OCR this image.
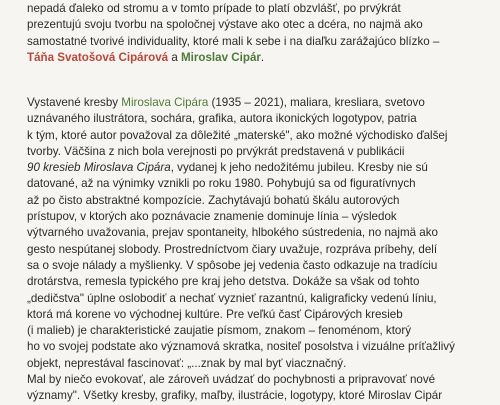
nepadá ďaleko od stromu a v tomto prípade to platí obzvlášť, po prvýkrát
prezentujú svoju tvorbu na spoločnej výstave ako otec a dcéra, no najmä ako
samostatné tvorivé individuality, ktoré mali k sebe i na diaľku zaráž​ajúco blízko –
Táňa Svatošová Cipárová a Miroslav Cipár.
Vystavené kresby Miroslava Cipára (1935 – 2021), maliara, kresliara, svetovo
uznávaného ilustrátora, sochára, grafika, autora ikonických logotypov, patria
k tým, ktoré autor považoval za dôležité „materské", ako možné východisko ďalšej
tvorby. Väčšina z nich bola verejnosti po prvýkrát predstavená v publikácii
90 kresieb Miroslava Cipára, vydanej k jeho nedožitému jubileu. Kresby nie sú
datované, až na výnimky vznikli po roku 1980. Pohybujú sa od figuratívnych
až po čisto abstraktné kompozície. Zachytávajú bohatú škálu autorových
prístupov, v ktorých ako poznávacie znamenie dominuje línia – výsledok
výtvarného uvažovania, prejav spontaneity, hlbokého sústredenia, no najmä ako
gesto nespútanej slobody. Prostredníctvom čiary uvažuje, rozpráva príbehy, delí
sa o svoje nálady a myšlienky. V spôsobe jej vedenia často odkazuje na tradíciu
drotárstva, remesla typického pre kraj jeho detstva. Dokáže sa však od tohto
„dedičstva" úplne oslobodiť a nechať vyznieť razantnú, kaligraficky vedenú líniu,
ktorá má korene vo východnej kultúre. Pre veľkú časť Cipárových kresieb
(i malieb) je charakteristické zaujatie písmom, znakom – fenoménom, ktorý
ho vo svojej podstate ako významová skratka, nositeľ posolstva i vizuálne príťažlivý
objekt, neprestával fascinovať: „...znak by mal byť viacznačný.
Mal by niečo evokovať, ale zároveň uvádzať do pochybnosti a pripravovať nové
významy". Všetky kresby, grafiky, maľby, ilustrácie, logotypy, ktoré Miroslav Cipár
